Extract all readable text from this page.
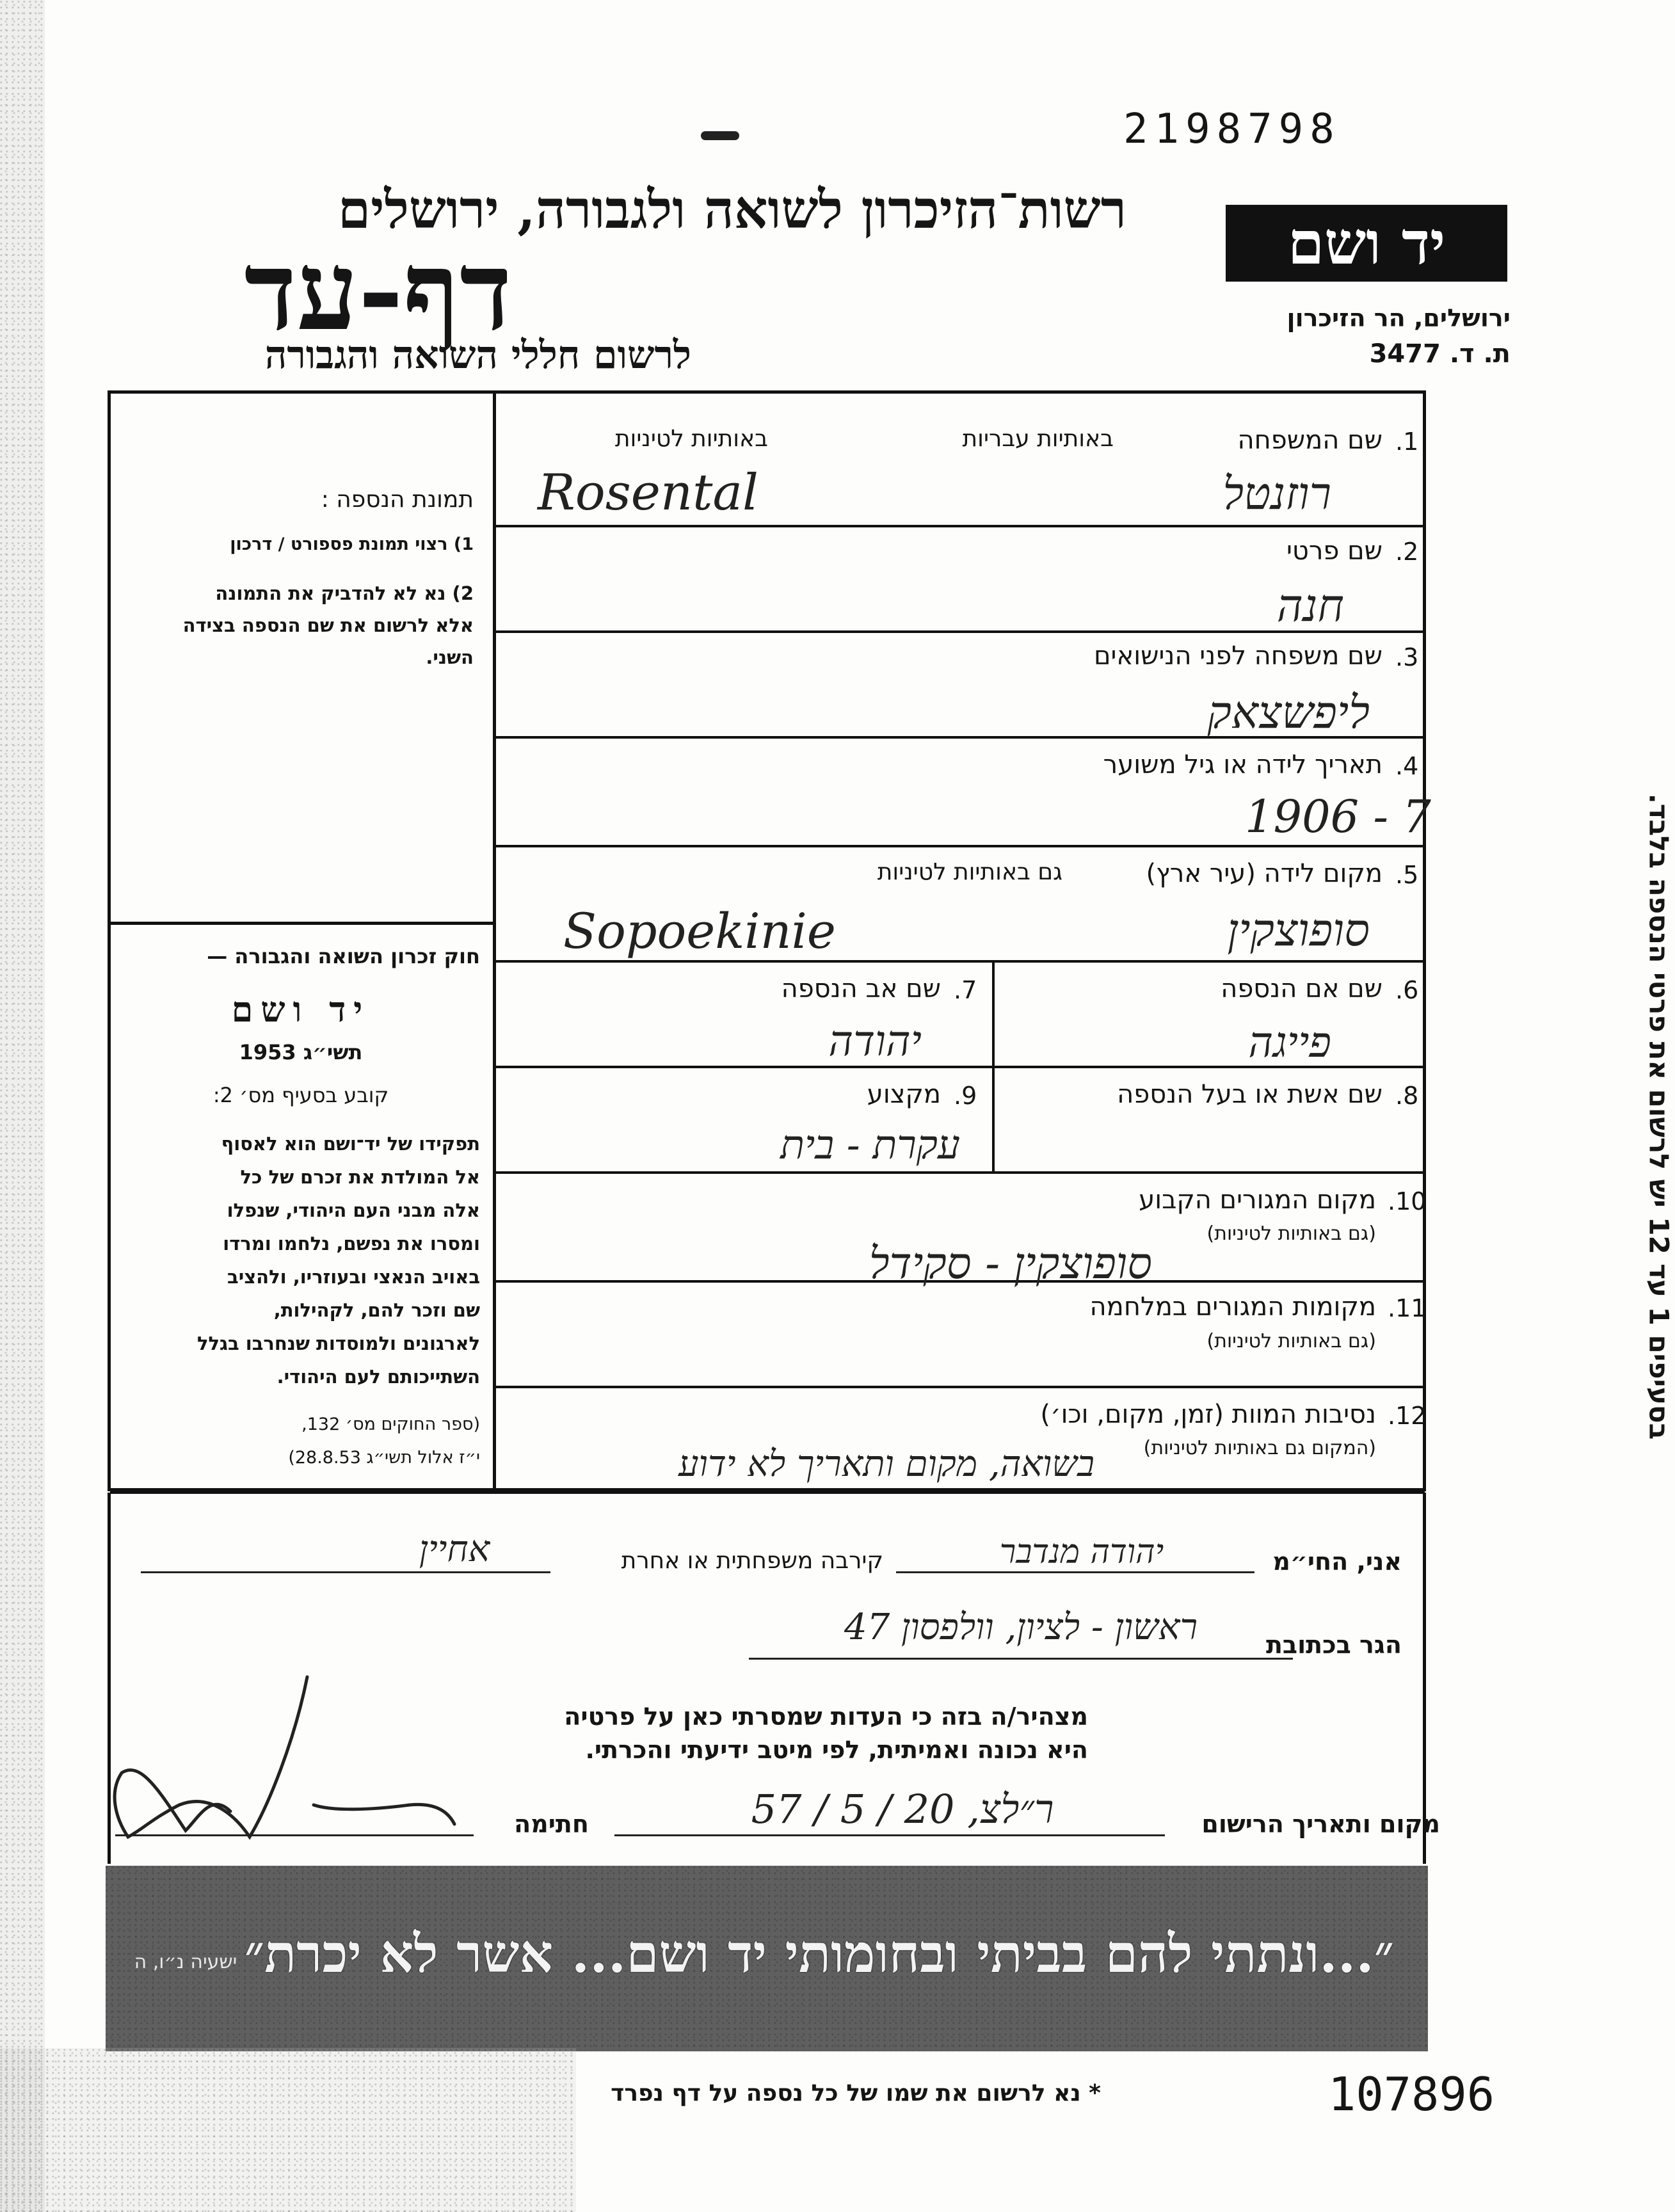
2198798
רשות־הזיכרון לשואה ולגבורה, ירושלים
דף-עד
לרשום חללי השואה והגבורה
יד ושם
ירושלים, הר הזיכרון
ת. ד. 3477
1.
שם המשפחה
באותיות עבריות
באותיות לטיניות
Rosental	רוזנטל
2.
שם פרטי
חנה
3.
שם משפחה לפני הנישואים
ליפשצאק
4.
תאריך לידה או גיל משוער
1906 - 7
5.
מקום לידה (עיר ארץ)
גם באותיות לטיניות
Sopoekinie	סופוצקין
6.
שם אם הנספה
פייגה
7.
שם אב הנספה
יהודה
8.
שם אשת או בעל הנספה
9.
מקצוע
עקרת - בית
10.
מקום המגורים הקבוע
(גם באותיות לטיניות)
סופוצקין - סקידל
11.
מקומות המגורים במלחמה
(גם באותיות לטיניות)
12.
נסיבות המוות (זמן, מקום, וכו׳)
(המקום גם באותיות לטיניות)
בשואה, מקום ותאריך לא ידוע
תמונת הנספה :
1) רצוי תמונת פספורט / דרכון
2) נא לא להדביק את התמונה
אלא לרשום את שם הנספה בצידה
השני.
חוק זכרון השואה והגבורה —
יד ושם
תשי״ג 1953
קובע בסעיף מס׳ 2:
תפקידו של יד־ושם הוא לאסוף
אל המולדת את זכרם של כל
אלה מבני העם היהודי, שנפלו
ומסרו את נפשם, נלחמו ומרדו
באויב הנאצי ובעוזריו, ולהציב
שם וזכר להם, לקהילות,
לארגונים ולמוסדות שנחרבו בגלל
השתייכותם לעם היהודי.
(ספר החוקים מס׳ 132,
י״ז אלול תשי״ג 28.8.53)
בסעיפים 1 עד 12 יש לרשום את פרטי הנספה בלבד.
אני, החי״מ
יהודה מנדבר
קירבה משפחתית או אחרת
אחיין
הגר בכתובת
ראשון - לציון, וולפסון 47
מצהיר/ה בזה כי העדות שמסרתי כאן על פרטיה
היא נכונה ואמיתית, לפי מיטב ידיעתי והכרתי.
מקום ותאריך הרישום
ר״לצ, 20 / 5 / 57
חתימה
״...ונתתי להם בביתי ובחומותי יד ושם... אשר לא יכרת״
ישעיה נ״ו, ה
* נא לרשום את שמו של כל נספה על דף נפרד	107896
